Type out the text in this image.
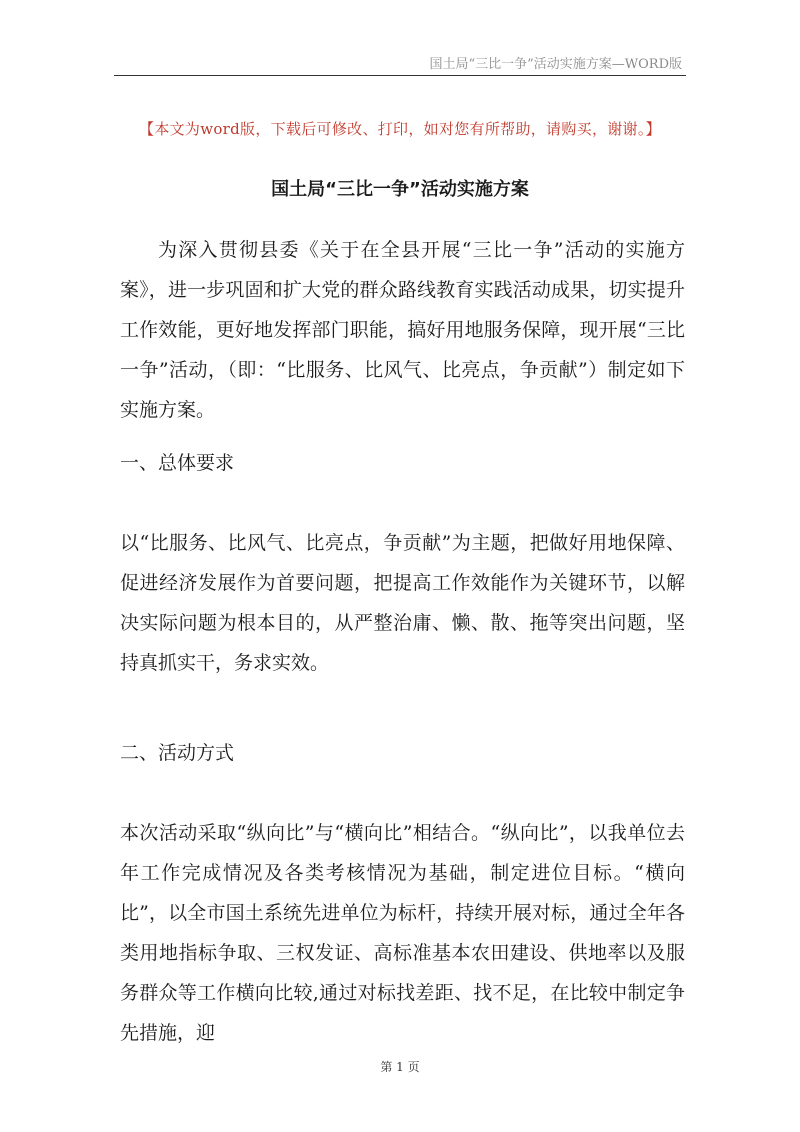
国土局“三比一争”活动实施方案—WORD版
【本文为word版，下载后可修改、打印，如对您有所帮助，请购买，谢谢。】
国土局“三比一争”活动实施方案

为深入贯彻县委《关于在全县开展“三比一争”活动的实施方案》，进一步巩固和扩大党的群众路线教育实践活动成果，切实提升工作效能，更好地发挥部门职能，搞好用地服务保障，现开展“三比一争”活动，（即：“比服务、比风气、比亮点，争贡献”）制定如下实施方案。

一、总体要求

以“比服务、比风气、比亮点，争贡献”为主题，把做好用地保障、促进经济发展作为首要问题，把提高工作效能作为关键环节，以解决实际问题为根本目的，从严整治庸、懒、散、拖等突出问题，坚持真抓实干，务求实效。

二、活动方式

本次活动采取“纵向比”与“横向比”相结合。“纵向比”，以我单位去年工作完成情况及各类考核情况为基础，制定进位目标。“横向比”，以全市国土系统先进单位为标杆，持续开展对标，通过全年各类用地指标争取、三权发证、高标准基本农田建设、供地率以及服务群众等工作横向比较,通过对标找差距、找不足，在比较中制定争先措施，迎

第 1 页
